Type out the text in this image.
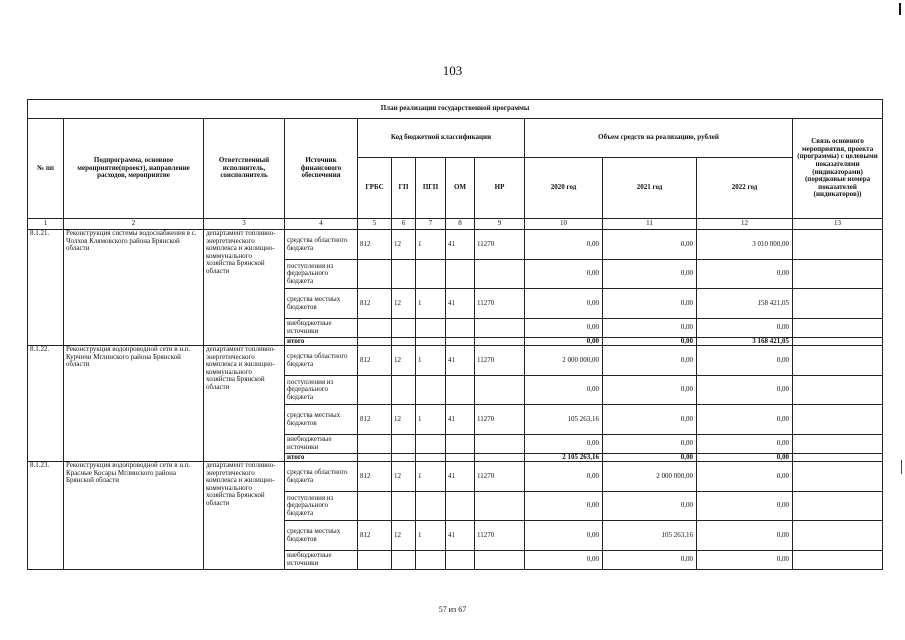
103
План реализации государственной программы												
№ пп	Подпрограмма, основное мероприятие(проект), направление расходов, мероприятие	Ответственный исполнитель, соисполнитель	Источник финансового обеспечения	Код бюджетной классификации					Объем средств на реализацию, рублей			Связь основного мероприятия, проекта (программы) с целевыми показателями (индикаторами) (порядковые номера показателей (индикаторов))
				ГРБС	ГП	ПГП	ОМ	НР	2020 год	2021 год	2022 год	
1	2	3	4	5	6	7	8	9	10	11	12	13
8.1.21.	Реконструкция системы водоснабжения в с. Чолхов Клямовского района Брянской области	департамент топливно-энергетического комплекса и жилищно-коммунального хозяйства Брянской области	средства областного бюджета	812	12	1	41	11270	0,00	0,00	3 010 000,00	
			поступления из федерального бюджета						0,00	0,00	0,00	
			средства местных бюджетов	812	12	1	41	11270	0,00	0,00	158 421,05	
			внебюджетные источники						0,00	0,00	0,00	
			итого						0,00	0,00	3 168 421,05	
8.1.22.	Реконструкция водопроводной сети в н.п. Курчичи Мглинского района Брянской области	департамент топливно-энергетического комплекса и жилищно-коммунального хозяйства Брянской области	средства областного бюджета	812	12	1	41	11270	2 000 000,00	0,00	0,00	
			поступления из федерального бюджета						0,00	0,00	0,00	
			средства местных бюджетов	812	12	1	41	11270	105 263,16	0,00	0,00	
			внебюджетные источники						0,00	0,00	0,00	
			итого						2 105 263,16	0,00	0,00	
8.1.23.	Реконструкция водопроводной сети в н.п. Красные Косары Мглинского района Брянской области	департамент топливно-энергетического комплекса и жилищно-коммунального хозяйства Брянской области	средства областного бюджета	812	12	1	41	11270	0,00	2 000 000,00	0,00	
			поступления из федерального бюджета						0,00	0,00	0,00	
			средства местных бюджетов	812	12	1	41	11270	0,00	105 263,16	0,00	
			внебюджетные источники						0,00	0,00	0,00	
57 из 67
